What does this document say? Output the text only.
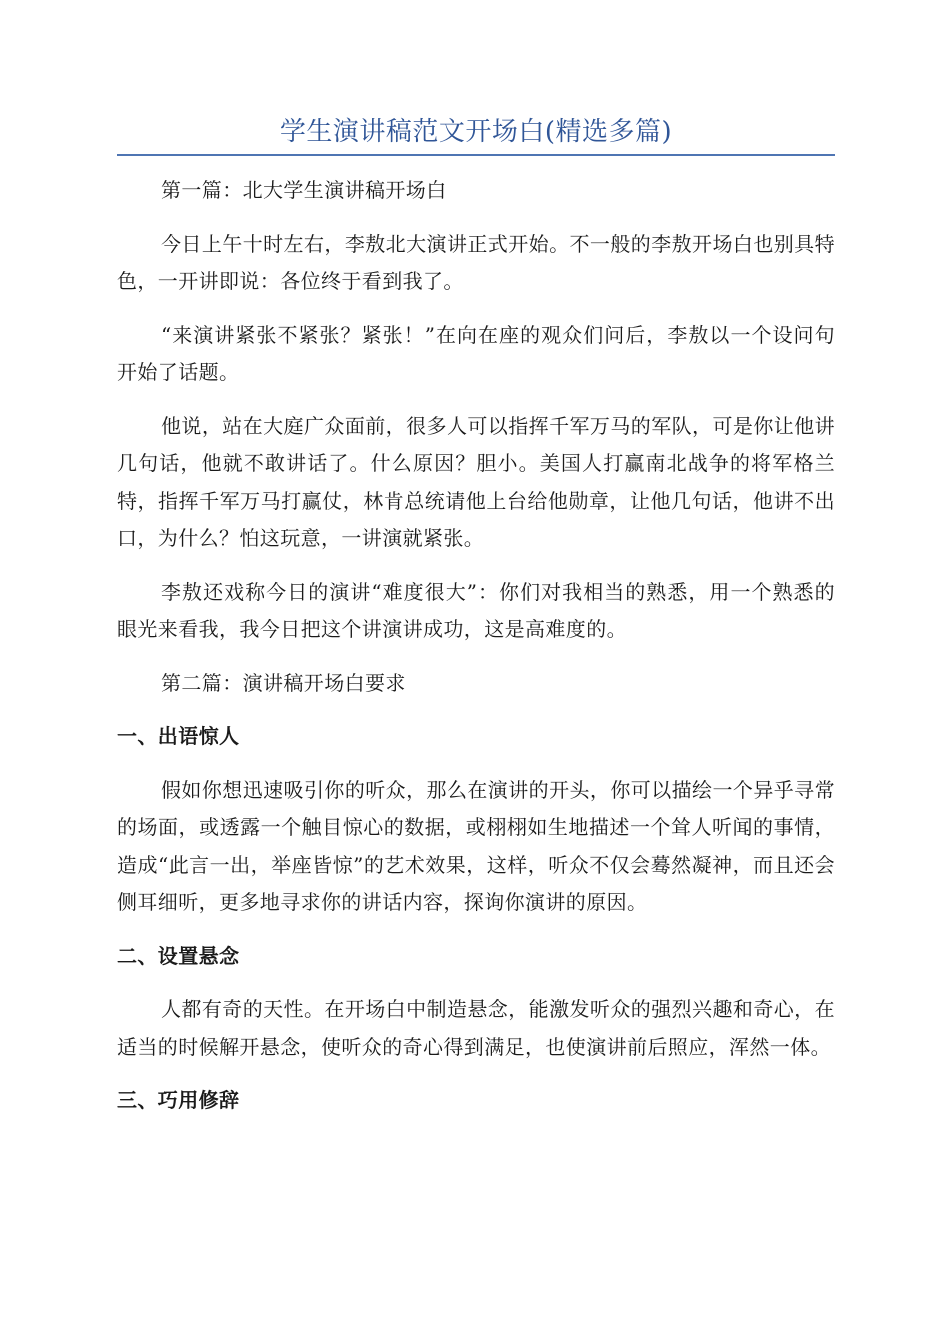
学生演讲稿范文开场白(精选多篇)

第一篇：北大学生演讲稿开场白

今日上午十时左右，李敖北大演讲正式开始。不一般的李敖开场白也别具特色，一开讲即说：各位终于看到我了。

“来演讲紧张不紧张？紧张！”在向在座的观众们问后，李敖以一个设问句开始了话题。

他说，站在大庭广众面前，很多人可以指挥千军万马的军队，可是你让他讲几句话，他就不敢讲话了。什么原因？胆小。美国人打赢南北战争的将军格兰特，指挥千军万马打赢仗，林肯总统请他上台给他勋章，让他几句话，他讲不出口，为什么？怕这玩意，一讲演就紧张。

李敖还戏称今日的演讲“难度很大”：你们对我相当的熟悉，用一个熟悉的眼光来看我，我今日把这个讲演讲成功，这是高难度的。

第二篇：演讲稿开场白要求

一、出语惊人

假如你想迅速吸引你的听众，那么在演讲的开头，你可以描绘一个异乎寻常的场面，或透露一个触目惊心的数据，或栩栩如生地描述一个耸人听闻的事情，造成“此言一出，举座皆惊”的艺术效果，这样，听众不仅会蓦然凝神，而且还会侧耳细听，更多地寻求你的讲话内容，探询你演讲的原因。

二、设置悬念

人都有奇的天性。在开场白中制造悬念，能激发听众的强烈兴趣和奇心，在适当的时候解开悬念，使听众的奇心得到满足，也使演讲前后照应，浑然一体。

三、巧用修辞
